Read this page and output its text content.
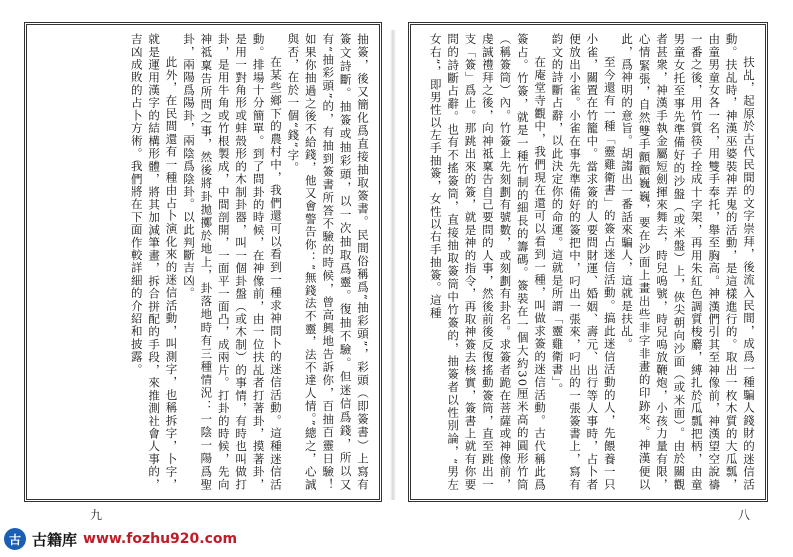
扶乩，起原於古代民間的文字崇拜，後流入民間，成爲一種騙人錢財的迷信活動。扶乩時，神漢巫婆裝神弄鬼的活動，是這樣進行的。取出一枚木質的大瓜瓢，由童男童女各一名，用雙手奉托，舉至胸高。神漢們引其至神像前，神漢望空說禱一番之後，用竹質筷子拴成十字架，再用朱紅色調質梭麝，縛扎於瓜瓢把柄，由童男童女托至事先準備好的沙盤（或米盤）上，俠尖朝向沙面（或米面）。由於關觀者甚衆，神漢手執金屬短劍揮來舞去，時兒嗚號，時兒嗚放鞭炮，小孩力量有限，心情緊張，自然雙手顫顫巍巍，要在沙面上畫出些非字非畫的印跡來。神漢便以此，爲神明的意旨。胡謅出一番話來騙人，這就是扶乩。

至今還有一種「靈雞衛書」的簽占迷信活動。搞此迷信活動的人，先餵養一只小雀，關置在竹籠中。當求簽的人要問財運、婚姻、壽元、出行等人事時，占卜者便放出小雀。小雀在事先準備好的簽把中，叼出一張來，叼出的一張簽書上，寫有韵文的詩斷占辭，以此決定你的命運。這就是所謂「靈雞衛書」。

在庵堂寺觀中，我們現在還可以看到一種，叫做求簽的迷信活動。古代稱此爲簽占。竹簽，就是一種竹制的細長的籌碼。簽裝在一個大約30厘米高的圓形竹筒（稱簽筒）內。竹簽上先刻劃有號數，或刻劃有卦名。求簽者跪在菩薩或神像前，虔誠禮拜之後，向神祗稟告自己要問的人事，然後前後反復搖動簽筒，直至跳出一支「簽」爲止。那跳出來的簽，就是神的指令，再取神簽去核實，簽書上就有你要問的詩斷占辭。也有不搖簽筒，直接抽取簽筒中竹簽的，抽簽者以性別論，“男左女右”，即男性以左手抽簽，女性以右手抽簽。這種

抽簽，後又簡化爲直接抽取簽書。民間俗稱爲“抽彩頭”，彩頭（即簽書）上寫有簽文詩斷。抽簽或抽彩頭，以一次抽取爲靈。復抽不驗。但迷信爲錢，所以又有“抽彩頭”的，有抽到簽書所答不驗的時候，曾高興地告訴你，百抽百靈日驗！如果你抽過之後不給錢，他又會警告你：“無錢法不靈，法不達人情。”總之，心誠與否，在於一個“錢”字。

在某些鄉下的農村中，我們還可以看到一種求神問卜的迷信活動。這種迷信活動。排場十分簡單。到了問卦的時候，在神像前，由一位扶乩者打著卦，摸著卦，是用一對角形或蚌殼形的木制卦器，叫一個卦盤（或木制）的事情，有時也叫做打卦，是用牛角或竹根製成，中間剖開，一面平一面凸，成兩片。打卦的時候，先向神祗稟告所問之事，然後將卦拋擲於地上，卦落地時有三種情況：一陰一陽爲聖卦，兩陽爲陽卦，兩陰爲陰卦。以此判斷吉凶。

此外，在民間還有一種由占卜演化來的迷信活動，叫測字，也稱拆字，卜字，就是運用漢字的結構形體，將其加減筆畫，拆合拼配的手段，來推測社會人事的，吉凶成敗的占卜方術。我們將在下面作較詳細的介紹和披露。

九	八
古 古籍库 www.fozhu920.com
